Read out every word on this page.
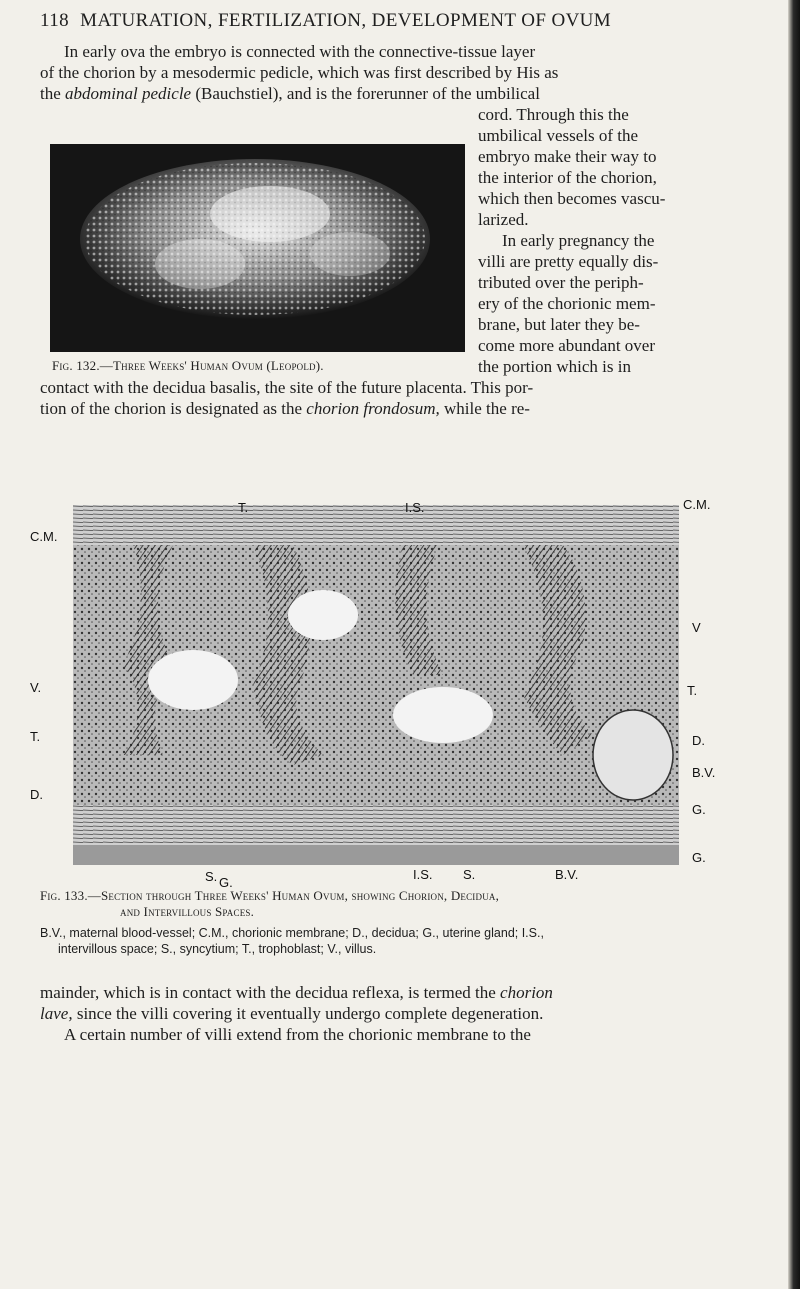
118 MATURATION, FERTILIZATION, DEVELOPMENT OF OVUM
In early ova the embryo is connected with the connective-tissue layer
of the chorion by a mesodermic pedicle, which was first described by His as
the abdominal pedicle (Bauchstiel), and is the forerunner of the umbilical
Fig. 132.—Three Weeks' Human Ovum (Leopold).
cord. Through this the
umbilical vessels of the
embryo make their way to
the interior of the chorion,
which then becomes vascu-
larized.
In early pregnancy the
villi are pretty equally dis-
tributed over the periph-
ery of the chorionic mem-
brane, but later they be-
come more abundant over
the portion which is in
contact with the decidua basalis, the site of the future placenta. This por-
tion of the chorion is designated as the chorion frondosum, while the re-
T.	I.S.	C.M.
C.M.
V
V.	T.
D.
T.
B.V.
D.
G.
G.
S. G.
I.S. S.	B.V.
Fig. 133.—Section through Three Weeks' Human Ovum, showing Chorion, Decidua,
and Intervillous Spaces.
B.V., maternal blood-vessel; C.M., chorionic membrane; D., decidua; G., uterine gland; I.S.,
intervillous space; S., syncytium; T., trophoblast; V., villus.
mainder, which is in contact with the decidua reflexa, is termed the chorion
lave, since the villi covering it eventually undergo complete degeneration.
A certain number of villi extend from the chorionic membrane to the
